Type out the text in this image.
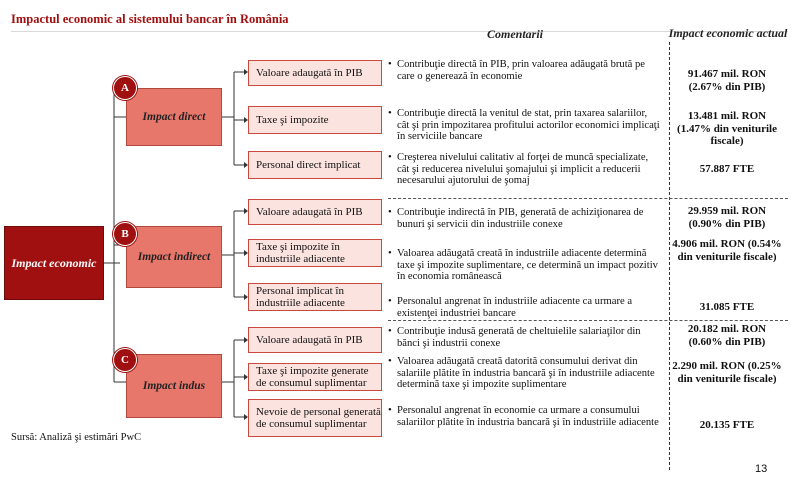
Impactul economic al sistemului bancar în România
Comentarii	Impact economic actual
Impact economic
Impact direct
A
Valoare adaugată în PIB
Taxe şi impozite
Personal direct implicat
Impact indirect
B
Valoare adaugată în PIB
Taxe şi impozite în industriile adiacente
Personal implicat în industriile adiacente
Impact indus
C
Valoare adaugată în PIB
Taxe şi impozite generate de consumul suplimentar
Nevoie de personal generată de consumul suplimentar
• Contribuţie directă în PIB, prin valoarea adăugată brută pe care o generează în economie
• Contribuţie directă la venitul de stat, prin taxarea salariilor, cât şi prin impozitarea profitului actorilor economici implicaţi în serviciile bancare
• Creşterea nivelului calitativ al forţei de muncă specializate, cât şi reducerea nivelului şomajului şi implicit a reducerii necesarului ajutorului de şomaj
• Contribuţie indirectă în PIB, generată de achiziţionarea de bunuri şi servicii din industriile conexe
• Valoarea adăugată creată în industriile adiacente determină taxe şi impozite suplimentare, ce determină un impact pozitiv în economia românească
• Personalul angrenat în industriile adiacente ca urmare a existenţei industriei bancare
• Contribuţie indusă generată de cheltuielile salariaţilor din bănci şi industrii conexe
• Valoarea adăugată creată datorită consumului derivat din salariile plătite în industria bancară şi în industriile adiacente determină taxe şi impozite suplimentare
• Personalul angrenat în economie ca urmare a consumului salariilor plătite în industria bancară şi în industriile adiacente
91.467 mil. RON (2.67% din PIB)
13.481 mil. RON (1.47% din veniturile fiscale)
57.887 FTE
29.959 mil. RON (0.90% din PIB)
4.906 mil. RON (0.54% din veniturile fiscale)
31.085 FTE
20.182 mil. RON (0.60% din PIB)
2.290 mil. RON (0.25% din veniturile fiscale)
20.135 FTE
Sursă: Analiză şi estimări PwC
13
